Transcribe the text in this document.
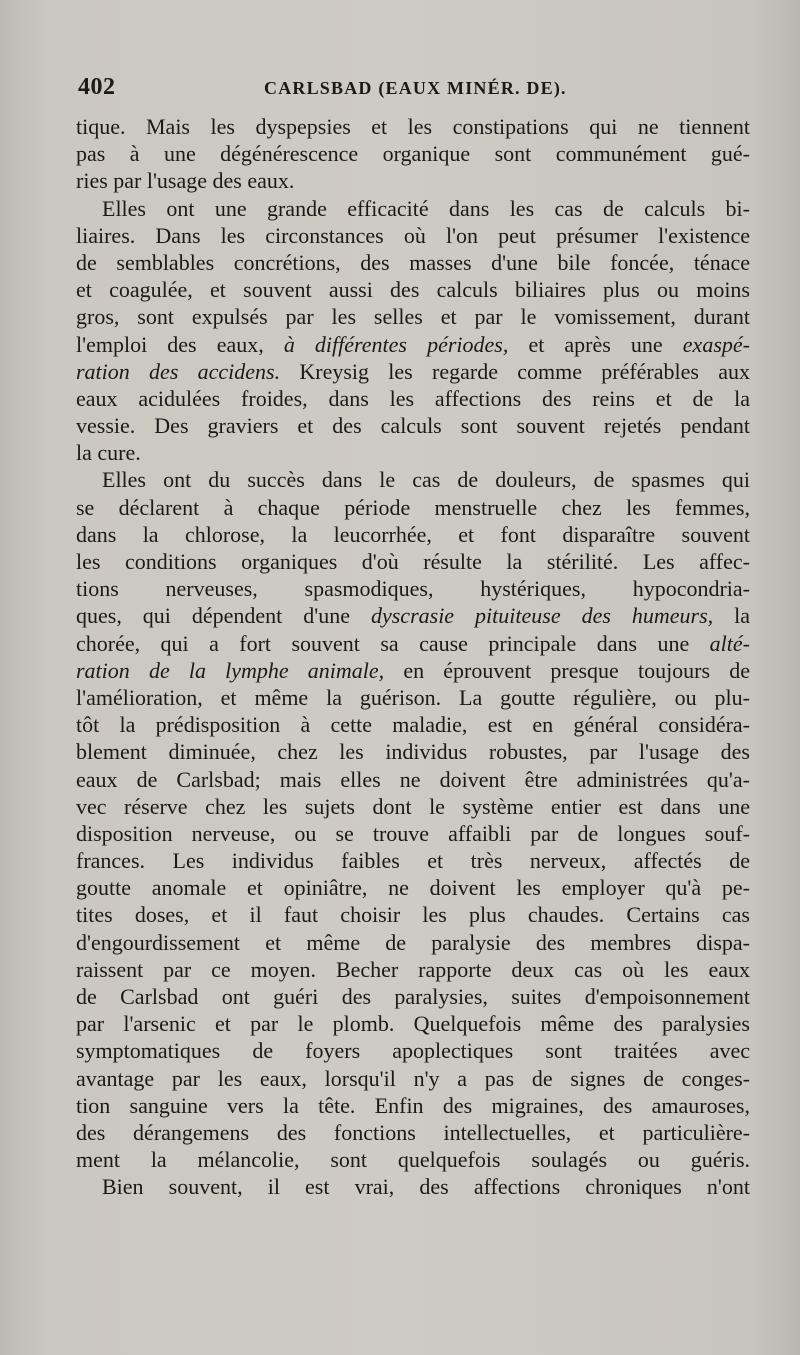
402	CARLSBAD (EAUX MINÉR. DE).
tique. Mais les dyspepsies et les constipations qui ne tiennent
pas à une dégénérescence organique sont communément gué-
ries par l'usage des eaux.
Elles ont une grande efficacité dans les cas de calculs bi-
liaires. Dans les circonstances où l'on peut présumer l'existence
de semblables concrétions, des masses d'une bile foncée, ténace
et coagulée, et souvent aussi des calculs biliaires plus ou moins
gros, sont expulsés par les selles et par le vomissement, durant
l'emploi des eaux, à différentes périodes, et après une exaspé-
ration des accidens. Kreysig les regarde comme préférables aux
eaux acidulées froides, dans les affections des reins et de la
vessie. Des graviers et des calculs sont souvent rejetés pendant
la cure.
Elles ont du succès dans le cas de douleurs, de spasmes qui
se déclarent à chaque période menstruelle chez les femmes,
dans la chlorose, la leucorrhée, et font disparaître souvent
les conditions organiques d'où résulte la stérilité. Les affec-
tions nerveuses, spasmodiques, hystériques, hypocondria-
ques, qui dépendent d'une dyscrasie pituiteuse des humeurs, la
chorée, qui a fort souvent sa cause principale dans une alté-
ration de la lymphe animale, en éprouvent presque toujours de
l'amélioration, et même la guérison. La goutte régulière, ou plu-
tôt la prédisposition à cette maladie, est en général considéra-
blement diminuée, chez les individus robustes, par l'usage des
eaux de Carlsbad; mais elles ne doivent être administrées qu'a-
vec réserve chez les sujets dont le système entier est dans une
disposition nerveuse, ou se trouve affaibli par de longues souf-
frances. Les individus faibles et très nerveux, affectés de
goutte anomale et opiniâtre, ne doivent les employer qu'à pe-
tites doses, et il faut choisir les plus chaudes. Certains cas
d'engourdissement et même de paralysie des membres dispa-
raissent par ce moyen. Becher rapporte deux cas où les eaux
de Carlsbad ont guéri des paralysies, suites d'empoisonnement
par l'arsenic et par le plomb. Quelquefois même des paralysies
symptomatiques de foyers apoplectiques sont traitées avec
avantage par les eaux, lorsqu'il n'y a pas de signes de conges-
tion sanguine vers la tête. Enfin des migraines, des amauroses,
des dérangemens des fonctions intellectuelles, et particulière-
ment la mélancolie, sont quelquefois soulagés ou guéris.
Bien souvent, il est vrai, des affections chroniques n'ont
